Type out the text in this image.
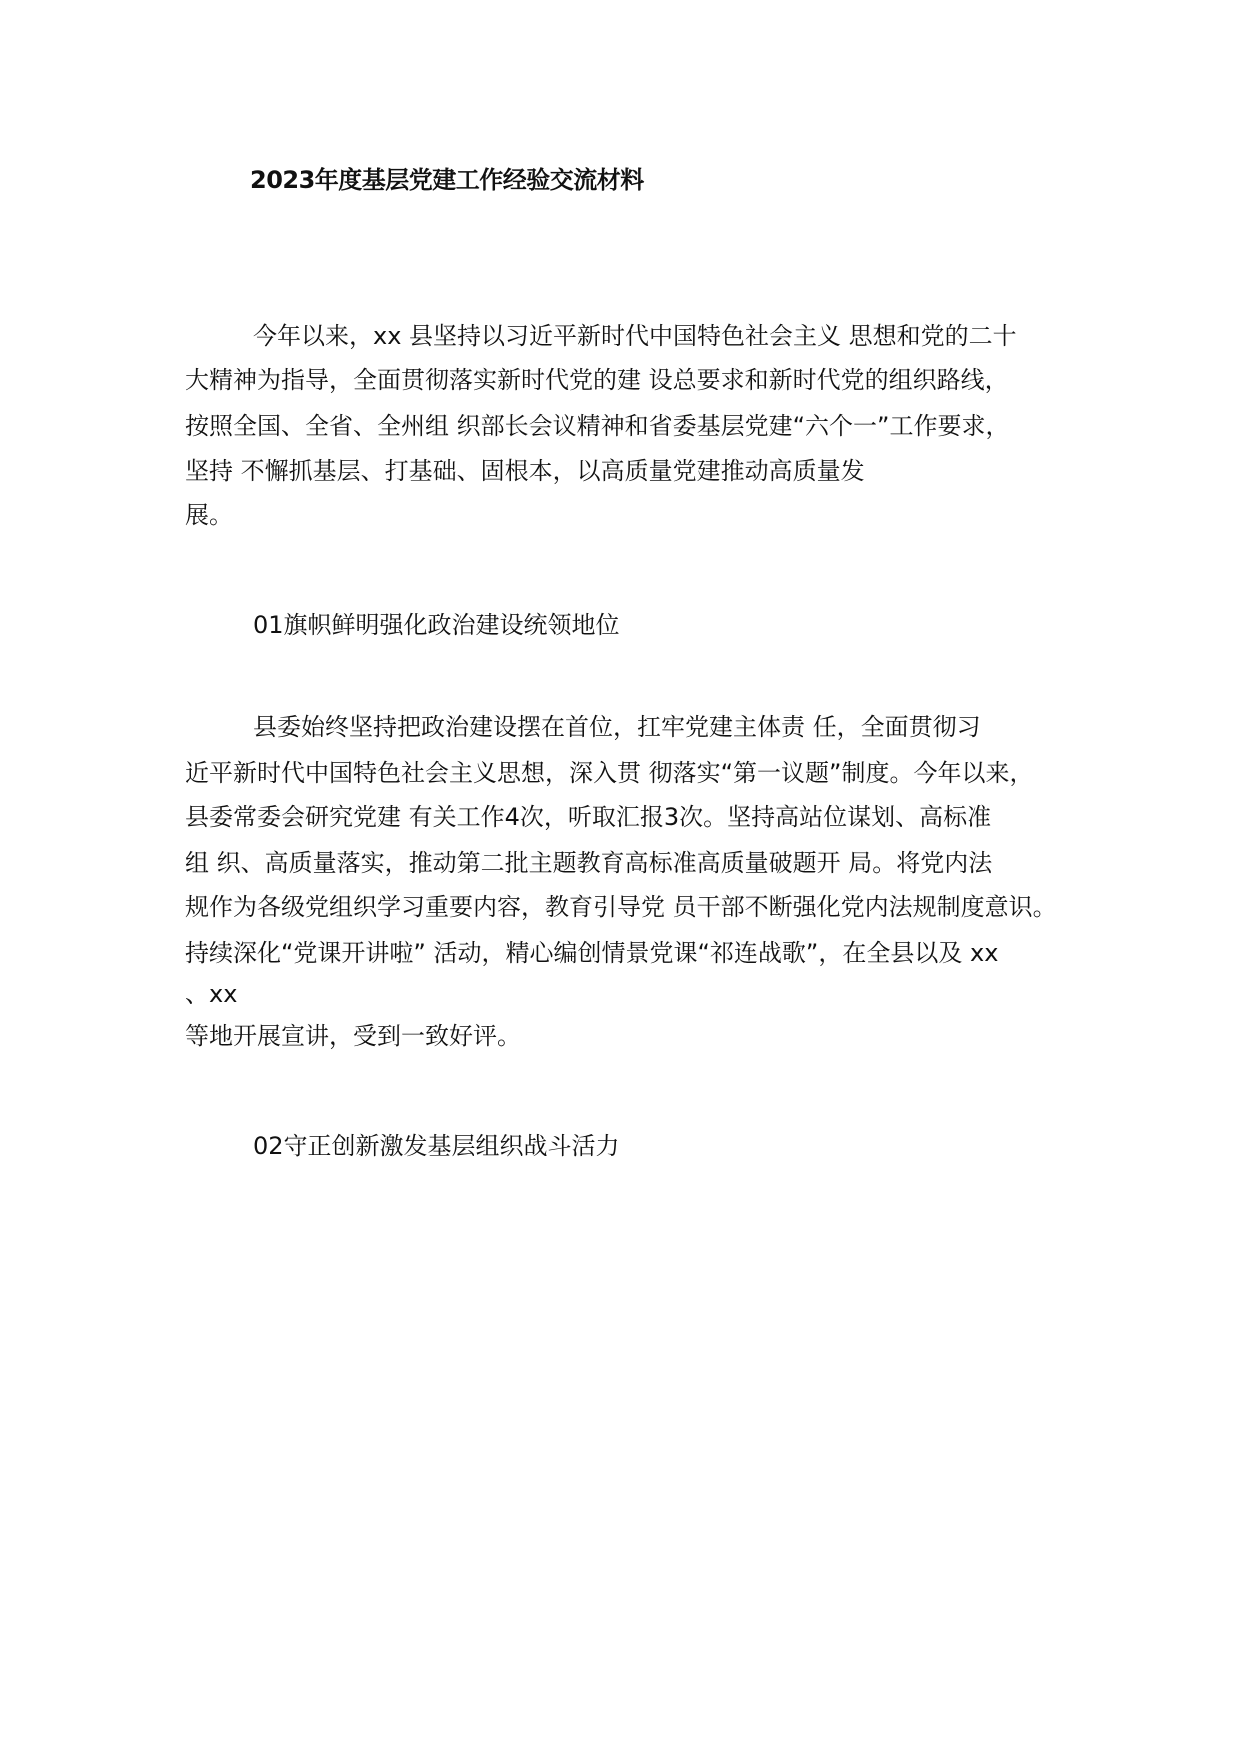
2023年度基层党建工作经验交流材料
今年以来，xx 县坚持以习近平新时代中国特色社会主义 思想和党的二十
大精神为指导，全面贯彻落实新时代党的建 设总要求和新时代党的组织路线，
按照全国、全省、全州组 织部长会议精神和省委基层党建“六个一”工作要求，
坚持 不懈抓基层、打基础、固根本，以高质量党建推动高质量发
展。
01旗帜鲜明强化政治建设统领地位
县委始终坚持把政治建设摆在首位，扛牢党建主体责 任，全面贯彻习
近平新时代中国特色社会主义思想，深入贯 彻落实“第一议题”制度。今年以来，
县委常委会研究党建 有关工作4次，听取汇报3次。坚持高站位谋划、高标准
组 织、高质量落实，推动第二批主题教育高标准高质量破题开 局。将党内法
规作为各级党组织学习重要内容，教育引导党 员干部不断强化党内法规制度意识。
持续深化“党课开讲啦” 活动，精心编创情景党课“祁连战歌”，在全县以及 xx
、xx
等地开展宣讲，受到一致好评。
02守正创新激发基层组织战斗活力
